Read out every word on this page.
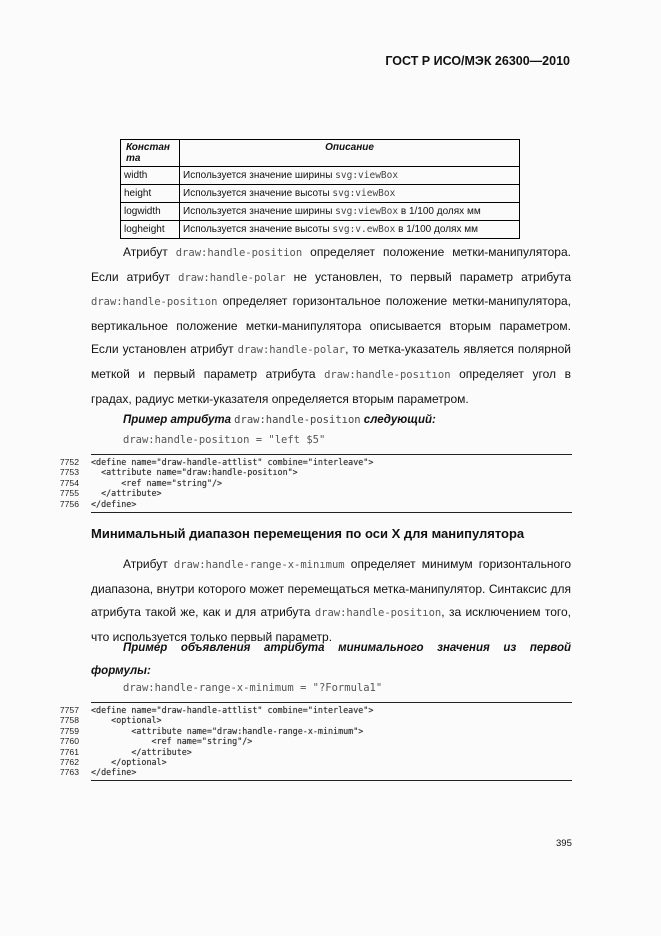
ГОСТ Р ИСО/МЭК 26300—2010
Констан та	Описание
width	Используется значение ширины svg:viewBox
height	Используется значение высоты svg:viewBox
logwidth	Используется значение ширины svg:viewBox в 1/100 долях мм
logheight	Используется значение высоты svg:v.ewBox в 1/100 долях мм
Атрибут draw:handle-position определяет положение метки-манипулятора. Если атрибут draw:handle-polar не установлен, то первый параметр атрибута draw:handle-positıon определяет горизонтальное положение метки-манипулятора, вертикальное положение метки-манипулятора описывается вторым параметром. Если установлен атрибут draw:handle-polar, то метка-указатель является полярной меткой и первый параметр атрибута draw:handle-posıtıon определяет угол в градах, радиус метки-указателя определяется вторым параметром.
Пример атрибута draw:handle-positıon следующий:
draw:handle-positıon = "left $5"
7752 <define name="draw-handle-attlist" combine="interleave">
7753 <attribute name="draw:handle-positıon">
7754 <ref name="string"/>
7755 </attribute>
7756 </define>
Минимальный диапазон перемещения по оси X для манипулятора
Атрибут draw:handle-range-x-minımum определяет минимум горизонтального диапазона, внутри которого может перемещаться метка-манипулятор. Синтаксис для атрибута такой же, как и для атрибута draw:handle-positıon, за исключением того, что используется только первый параметр.
Пример объявления атрибута минимального значения из первой формулы:
draw:handle-range-x-minimum = "?Formula1"
7757 <define name="draw-handle-attlist" combine="interleave">
7758 <optional>
7759 <attribute name="draw:handle-range-x-minimum">
7760 <ref name="string"/>
7761 </attribute>
7762 </optional>
7763 </define>
395
